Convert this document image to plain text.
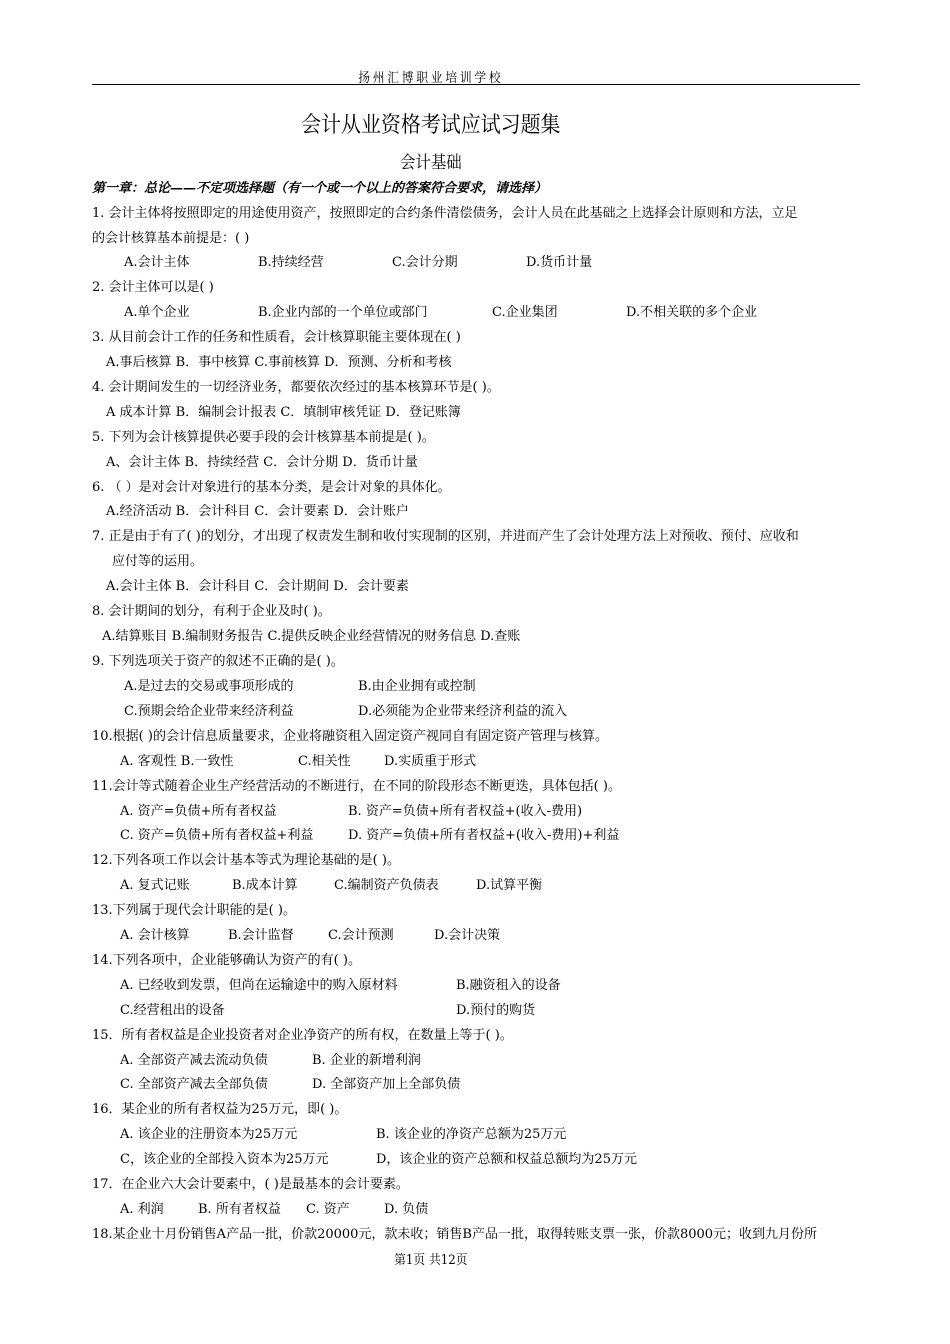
扬州汇博职业培训学校
会计从业资格考试应试习题集
会计基础
第一章：总论——不定项选择题（有一个或一个以上的答案符合要求，请选择）
1. 会计主体将按照即定的用途使用资产，按照即定的合约条件清偿债务，会计人员在此基础之上选择会计原则和方法，立足
的会计核算基本前提是：( )
A.会计主体	B.持续经营	C.会计分期	D.货币计量
2. 会计主体可以是( )
A.单个企业	B.企业内部的一个单位或部门	C.企业集团	D.不相关联的多个企业
3. 从目前会计工作的任务和性质看，会计核算职能主要体现在( )
A.事后核算 B．事中核算 C.事前核算 D．预测、分析和考核
4. 会计期间发生的一切经济业务，都要依次经过的基本核算环节是( )。
A 成本计算 B．编制会计报表 C．填制审核凭证 D．登记账簿
5. 下列为会计核算提供必要手段的会计核算基本前提是( )。
A、会计主体 B．持续经营 C．会计分期 D．货币计量
6. （ ）是对会计对象进行的基本分类，是会计对象的具体化。
A.经济活动 B．会计科目 C．会计要素 D．会计账户
7. 正是由于有了( )的划分，才出现了权责发生制和收付实现制的区别，并进而产生了会计处理方法上对预收、预付、应收和
应付等的运用。
A.会计主体 B．会计科目 C．会计期间 D．会计要素
8. 会计期间的划分，有利于企业及时( )。
A.结算账目 B.编制财务报告 C.提供反映企业经营情况的财务信息 D.查账
9. 下列选项关于资产的叙述不正确的是( )。
A.是过去的交易或事项形成的	B.由企业拥有或控制
C.预期会给企业带来经济利益	D.必须能为企业带来经济利益的流入
10.根据( )的会计信息质量要求，企业将融资租入固定资产视同自有固定资产管理与核算。
A. 客观性 B.一致性	C.相关性	D.实质重于形式
11.会计等式随着企业生产经营活动的不断进行，在不同的阶段形态不断更迭，具体包括( )。
A. 资产=负债+所有者权益	B. 资产=负债+所有者权益+(收入-费用)
C. 资产=负债+所有者权益+利益	D. 资产=负债+所有者权益+(收入-费用)+利益
12.下列各项工作以会计基本等式为理论基础的是( )。
A. 复式记账	B.成本计算	C.编制资产负债表	D.试算平衡
13.下列属于现代会计职能的是( )。
A. 会计核算	B.会计监督	C.会计预测	D.会计决策
14.下列各项中，企业能够确认为资产的有( )。
A. 已经收到发票，但尚在运输途中的购入原材料	B.融资租入的设备
C.经营租出的设备	D.预付的购货
15．所有者权益是企业投资者对企业净资产的所有权，在数量上等于( )。
A. 全部资产减去流动负债	B. 企业的新增利润
C. 全部资产减去全部负债	D. 全部资产加上全部负债
16．某企业的所有者权益为25万元，即( )。
A. 该企业的注册资本为25万元	B. 该企业的净资产总额为25万元
C，该企业的全部投入资本为25万元	D，该企业的资产总额和权益总额均为25万元
17．在企业六大会计要素中，( )是最基本的会计要素。
A. 利润	B. 所有者权益 C. 资产	D. 负债
18.某企业十月份销售A产品一批，价款20000元，款未收；销售B产品一批，取得转账支票一张，价款8000元；收到九月份所
第1页 共12页
